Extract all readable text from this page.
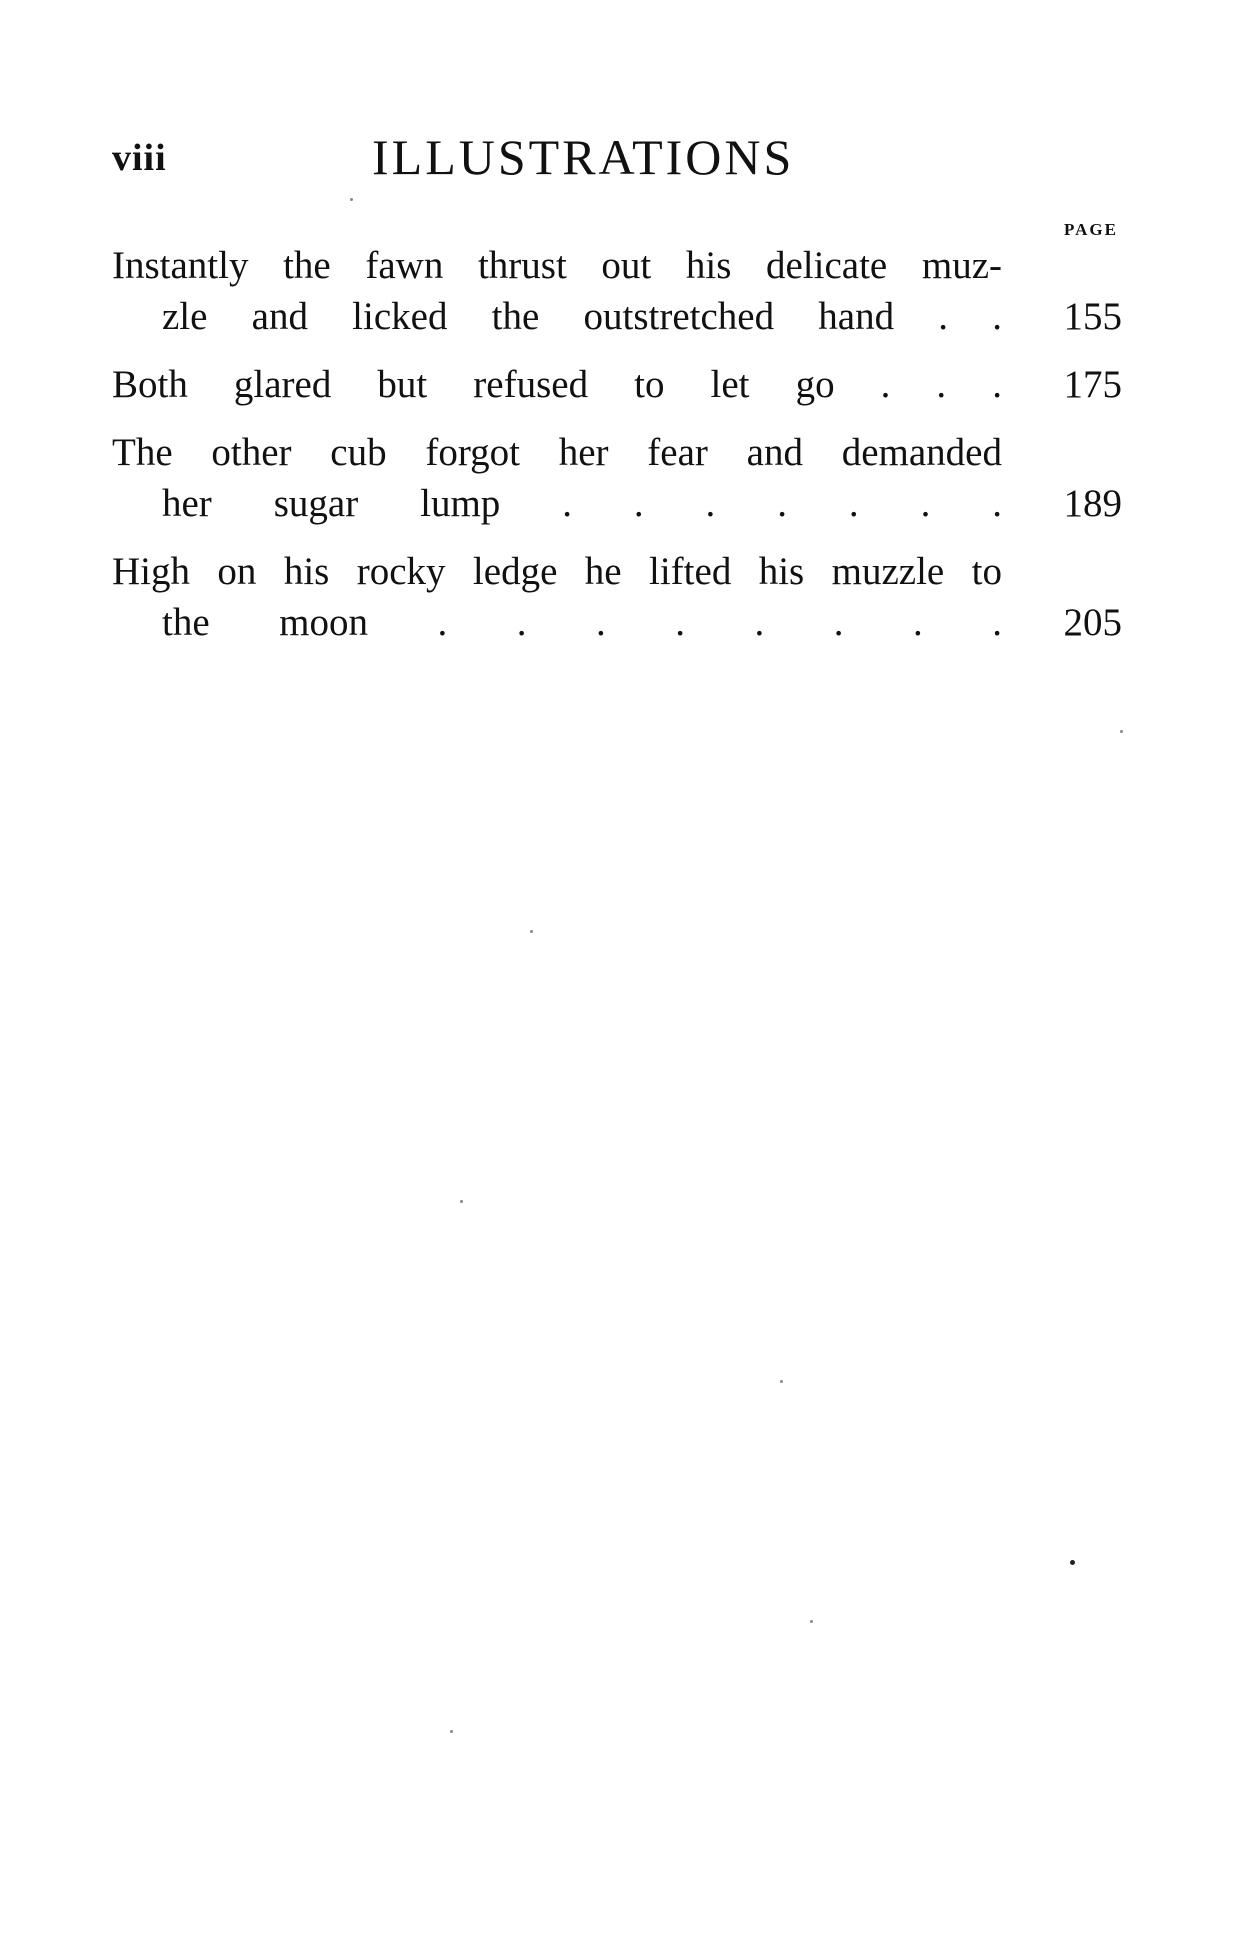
viii	ILLUSTRATIONS
PAGE
Instantly the fawn thrust out his delicate muz-
zle and licked the outstretched hand . . 155
Both glared but refused to let go . . . 175
The other cub forgot her fear and demanded
her sugar lump . . . . . . . 189
High on his rocky ledge he lifted his muzzle to
the moon . . . . . . . . 205
